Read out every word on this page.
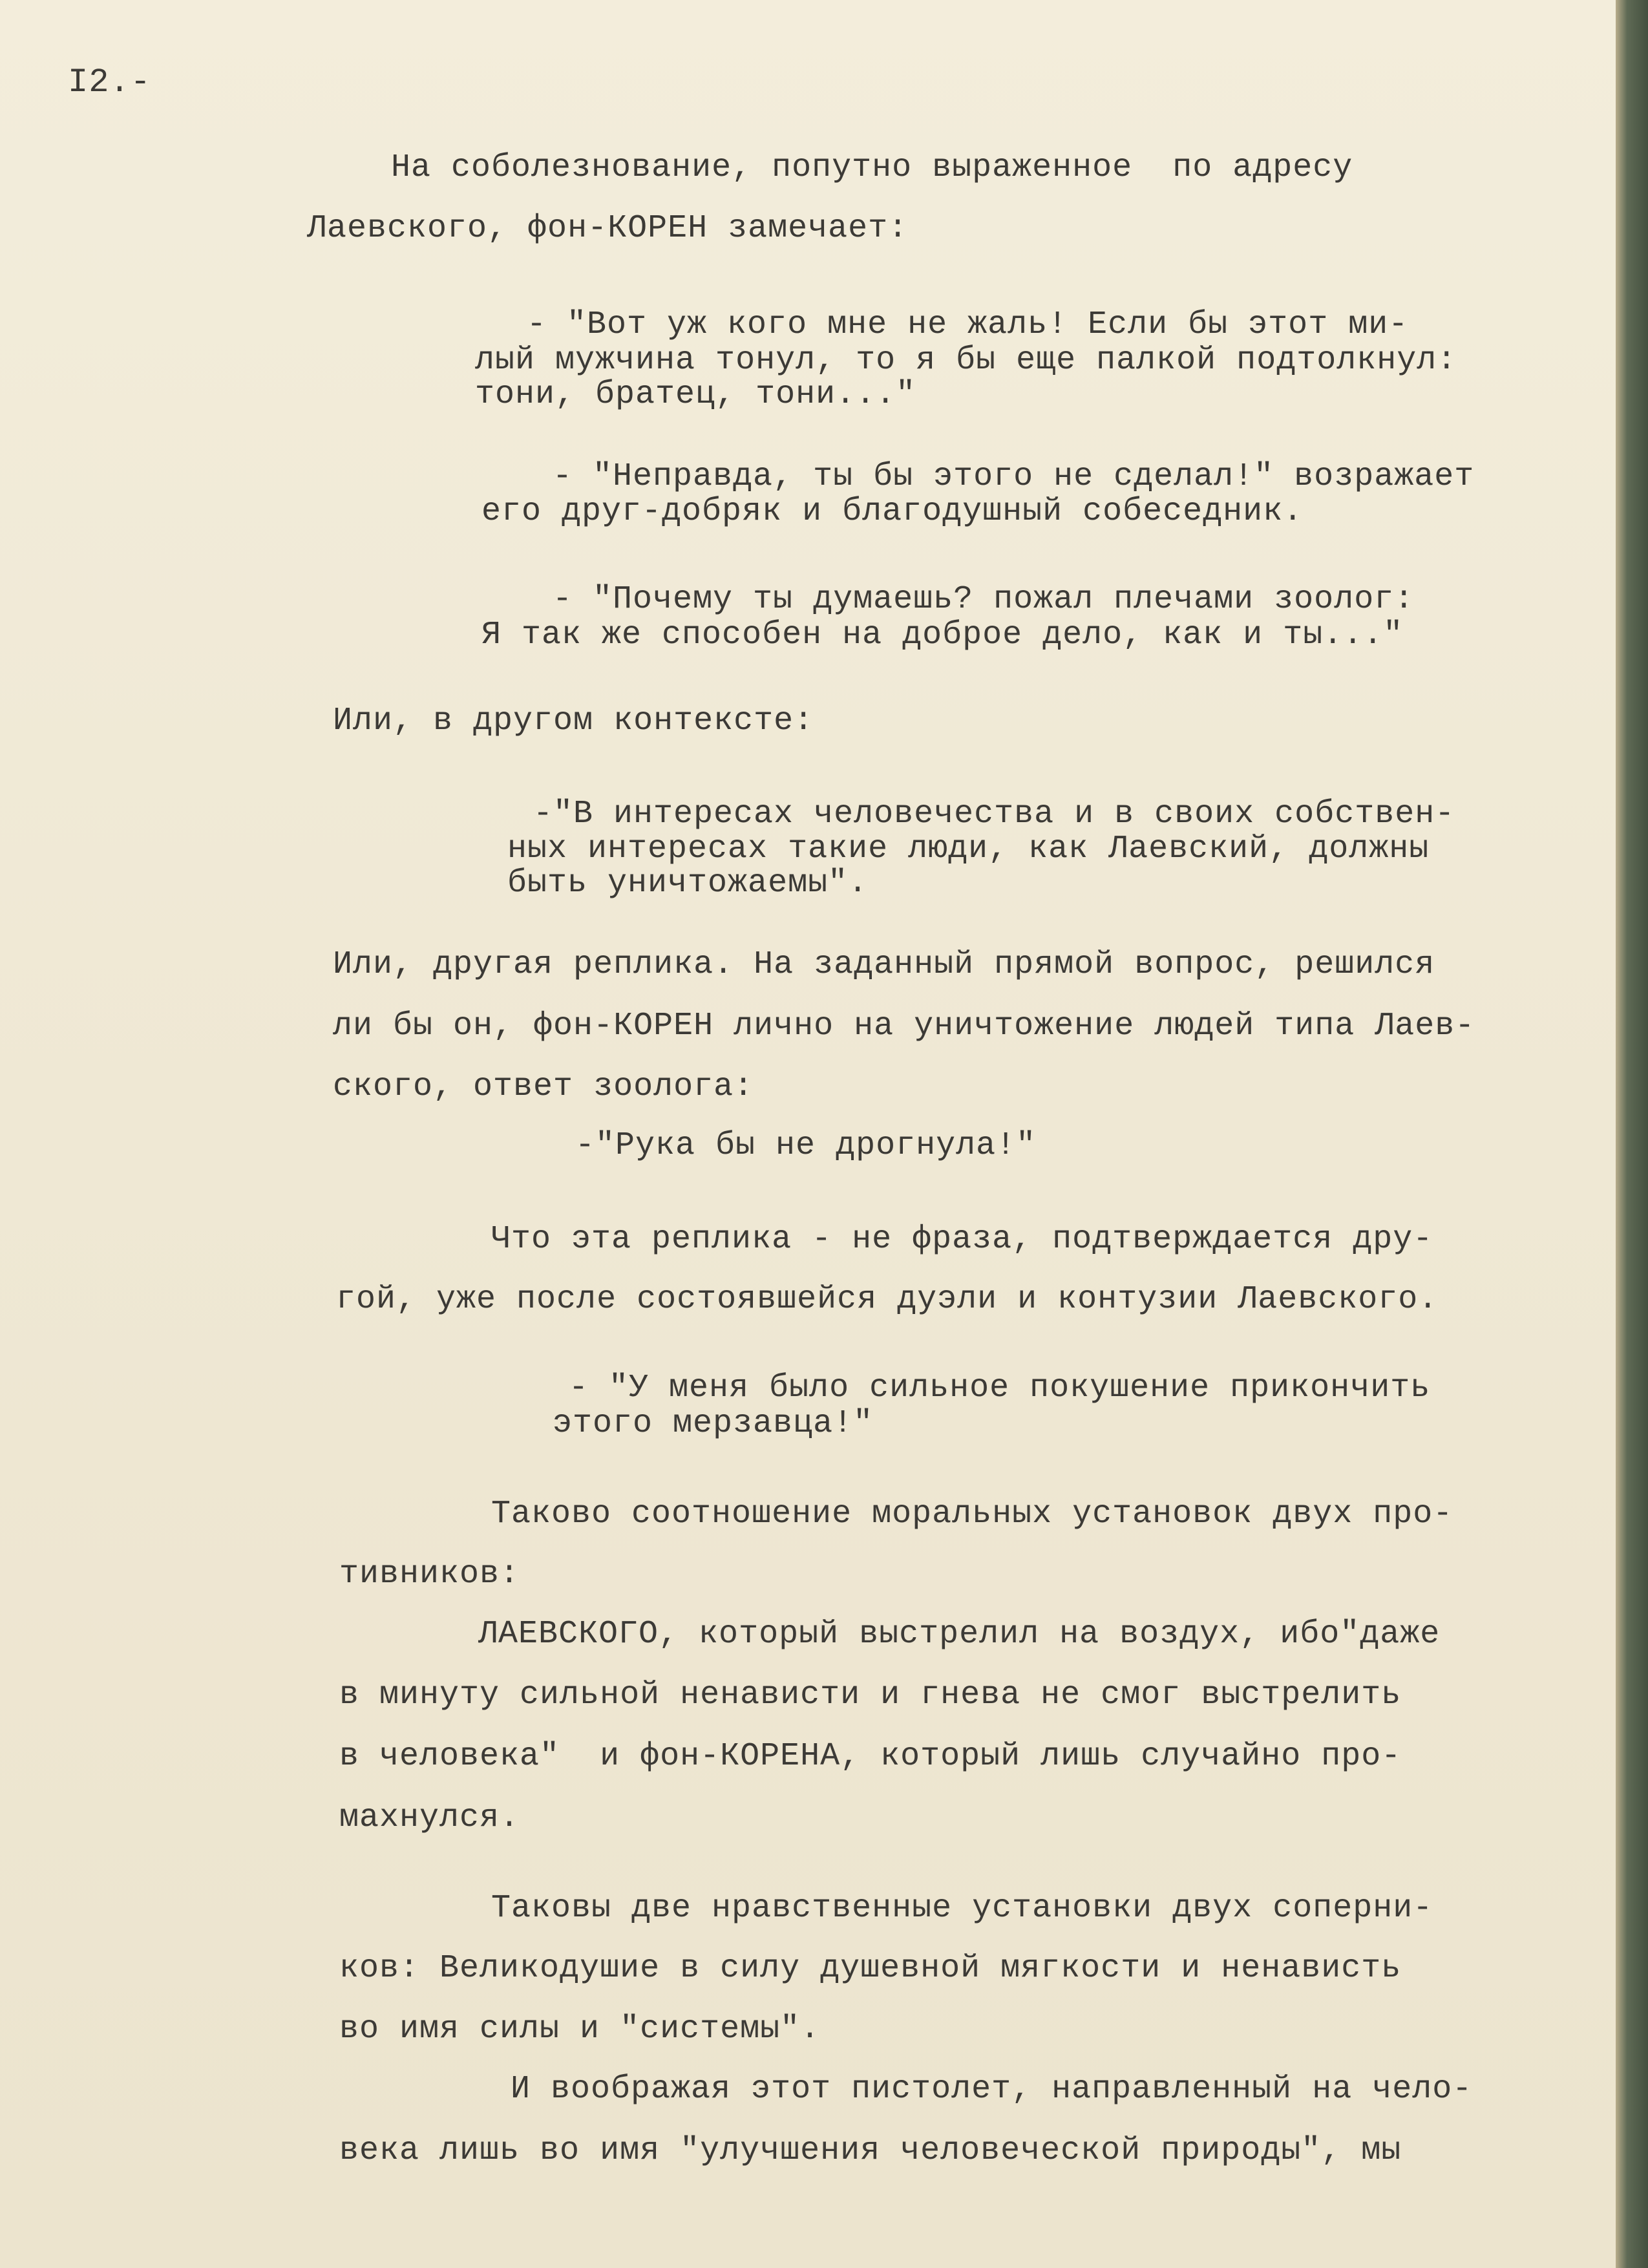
I2.-
На соболезнование, попутно выраженное  по адресу
Лаевского, фон-КОРЕН замечает:
- "Вот уж кого мне не жаль! Если бы этот ми-
лый мужчина тонул, то я бы еще палкой подтолкнул:
тони, братец, тони..."
- "Неправда, ты бы этого не сделал!" возражает
его друг-добряк и благодушный собеседник.
- "Почему ты думаешь? пожал плечами зоолог:
Я так же способен на доброе дело, как и ты..."
Или, в другом контексте:
-"В интересах человечества и в своих собствен-
ных интересах такие люди, как Лаевский, должны
быть уничтожаемы".
Или, другая реплика. На заданный прямой вопрос, решился
ли бы он, фон-КОРЕН лично на уничтожение людей типа Лаев-
ского, ответ зоолога:
-"Рука бы не дрогнула!"
Что эта реплика - не фраза, подтверждается дру-
гой, уже после состоявшейся дуэли и контузии Лаевского.
- "У меня было сильное покушение прикончить
этого мерзавца!"
Таково соотношение моральных установок двух про-
тивников:
ЛАЕВСКОГО, который выстрелил на воздух, ибо"даже
в минуту сильной ненависти и гнева не смог выстрелить
в человека"  и фон-КОРЕНА, который лишь случайно про-
махнулся.
Таковы две нравственные установки двух соперни-
ков: Великодушие в силу душевной мягкости и ненависть
во имя силы и "системы".
И воображая этот пистолет, направленный на чело-
века лишь во имя "улучшения человеческой природы", мы
